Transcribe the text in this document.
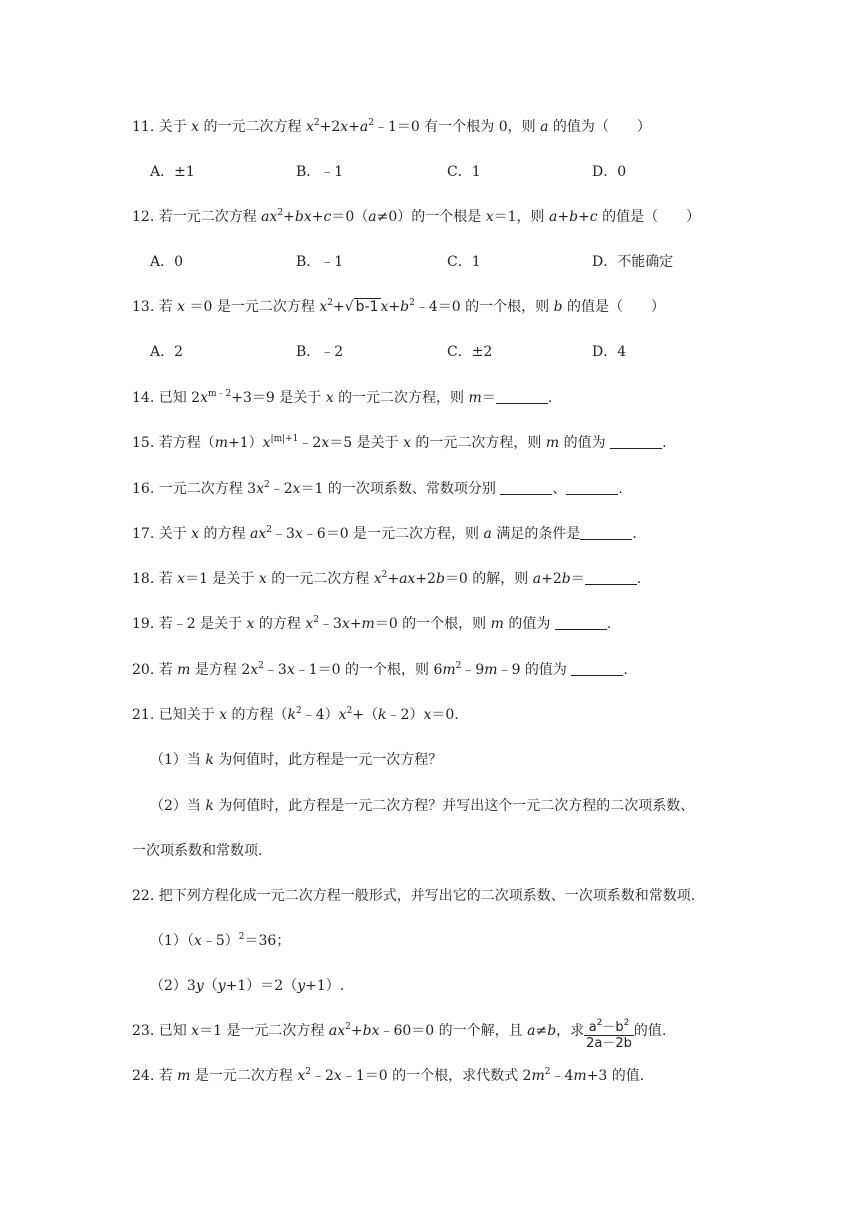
11. 关于 x 的一元二次方程 $x^2+2x+a^2﹣1=0$ 有一个根为 0，则 a 的值为（　　）
A．±1	B．﹣1	C．1	D．0
12. 若一元二次方程 $ax^2+bx+c=0(a\ne 0)$的一个根是 x＝1，则 a+b+c 的值是（　　）
A．0	B．﹣1	C．1	D．不能确定
13. 若 x ＝0 是一元二次方程 $x^2+√$ b-1 $x+b^2﹣4=0$ 的一个根，则 b 的值是（　　）
A．2	B．﹣2	C．±2	D．4
14. 已知 $2x^{m﹣2}+3=9$ 是关于 x 的一元二次方程，则 m＝	.
15. 若方程$(m+1)x^{|m|+1}﹣2x=5$ 是关于 x 的一元二次方程，则 m 的值为	.
16. 一元二次方程 $3x^2﹣2x=1$ 的一次项系数、常数项分别	、	.
17. 关于 x 的方程 $ax^2﹣3x﹣6=0$ 是一元二次方程，则 a 满足的条件是	.
18. 若 x＝1 是关于 x 的一元二次方程 $x^2+ax+2b=0$ 的解，则 a+2b＝	.
19. 若﹣2 是关于 x 的方程 $x^2﹣3x+m=0$ 的一个根，则 m 的值为	.
20. 若 m 是方程 $2x^2﹣3x﹣1=0$ 的一个根，则 $6m^2﹣9m﹣9$ 的值为	.
21. 已知关于 x 的方程$(k^2﹣4)x^2+(k﹣2)x=0$.
（1）当 k 为何值时，此方程是一元一次方程？
（2）当 k 为何值时，此方程是一元二次方程？并写出这个一元二次方程的二次项系数、
一次项系数和常数项.
22. 把下列方程化成一元二次方程一般形式，并写出它的二次项系数、一次项系数和常数项.
（1）（x﹣5）$^2$＝36；
（2）3y（y+1）＝2（y+1）.
23. 已知 x＝1 是一元二次方程 $ax^2+bx﹣60=0$ 的一个解，且 a≠b，求 $\frac{a^2-b^2}{2a-2b}$ 的值.
24. 若 m 是一元二次方程 $x^2﹣2x﹣1=0$ 的一个根，求代数式 $2m^2﹣4m+3$ 的值.
